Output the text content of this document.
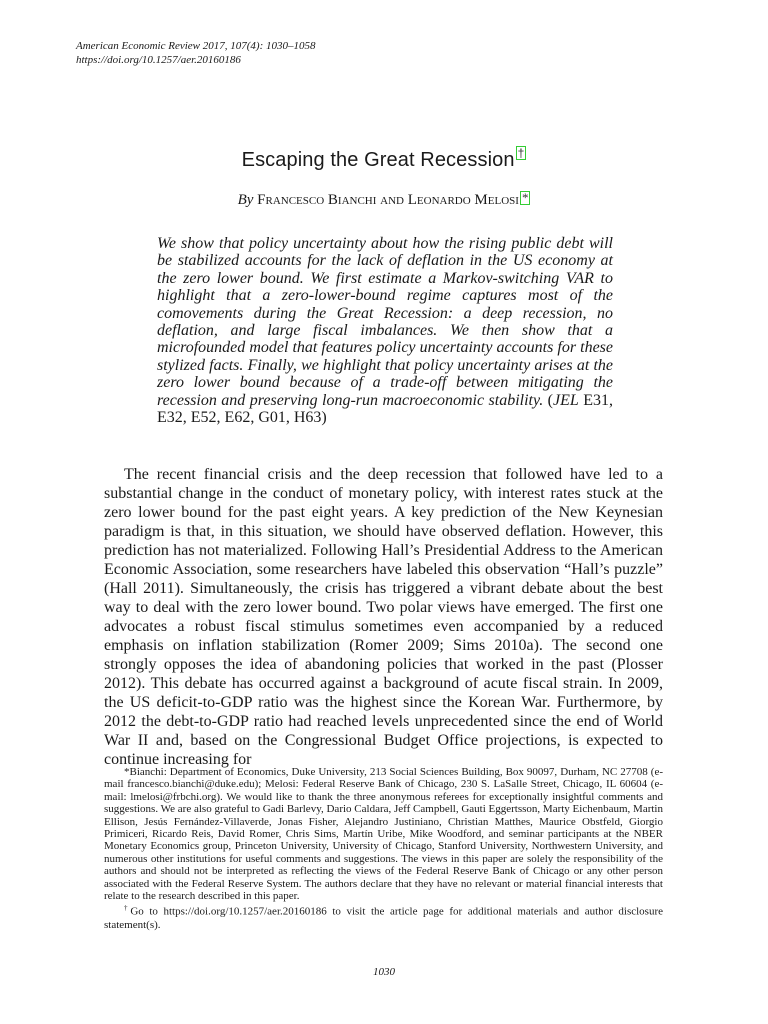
American Economic Review 2017, 107(4): 1030–1058
https://doi.org/10.1257/aer.20160186
Escaping the Great Recession †
By Francesco Bianchi and Leonardo Melosi *
We show that policy uncertainty about how the rising public debt will be stabilized accounts for the lack of deflation in the US economy at the zero lower bound. We first estimate a Markov-switching VAR to highlight that a zero-lower-bound regime captures most of the comovements during the Great Recession: a deep recession, no deflation, and large fiscal imbalances. We then show that a microfounded model that features policy uncertainty accounts for these stylized facts. Finally, we highlight that policy uncertainty arises at the zero lower bound because of a trade-off between mitigating the recession and preserving long-run macroeconomic stability. (JEL E31, E32, E52, E62, G01, H63)

The recent financial crisis and the deep recession that followed have led to a substantial change in the conduct of monetary policy, with interest rates stuck at the zero lower bound for the past eight years. A key prediction of the New Keynesian paradigm is that, in this situation, we should have observed deflation. However, this prediction has not materialized. Following Hall’s Presidential Address to the American Economic Association, some researchers have labeled this observation “Hall’s puzzle” (Hall 2011). Simultaneously, the crisis has triggered a vibrant debate about the best way to deal with the zero lower bound. Two polar views have emerged. The first one advocates a robust fiscal stimulus sometimes even accompanied by a reduced emphasis on inflation stabilization (Romer 2009; Sims 2010a). The second one strongly opposes the idea of abandoning policies that worked in the past (Plosser 2012). This debate has occurred against a background of acute fiscal strain. In 2009, the US deficit-to-GDP ratio was the highest since the Korean War. Furthermore, by 2012 the debt-to-GDP ratio had reached levels unprecedented since the end of World War II and, based on the Congressional Budget Office projections, is expected to continue increasing for

*Bianchi: Department of Economics, Duke University, 213 Social Sciences Building, Box 90097, Durham, NC 27708 (e-mail francesco.bianchi@duke.edu); Melosi: Federal Reserve Bank of Chicago, 230 S. LaSalle Street, Chicago, IL 60604 (e-mail: lmelosi@frbchi.org). We would like to thank the three anonymous referees for exceptionally insightful comments and suggestions. We are also grateful to Gadi Barlevy, Dario Caldara, Jeff Campbell, Gauti Eggertsson, Marty Eichenbaum, Martin Ellison, Jesús Fernández-Villaverde, Jonas Fisher, Alejandro Justiniano, Christian Matthes, Maurice Obstfeld, Giorgio Primiceri, Ricardo Reis, David Romer, Chris Sims, Martín Uribe, Mike Woodford, and seminar participants at the NBER Monetary Economics group, Princeton University, University of Chicago, Stanford University, Northwestern University, and numerous other institutions for useful comments and suggestions. The views in this paper are solely the responsibility of the authors and should not be interpreted as reflecting the views of the Federal Reserve Bank of Chicago or any other person associated with the Federal Reserve System. The authors declare that they have no relevant or material financial interests that relate to the research described in this paper.

†Go to https://doi.org/10.1257/aer.20160186 to visit the article page for additional materials and author disclosure statement(s).

1030
